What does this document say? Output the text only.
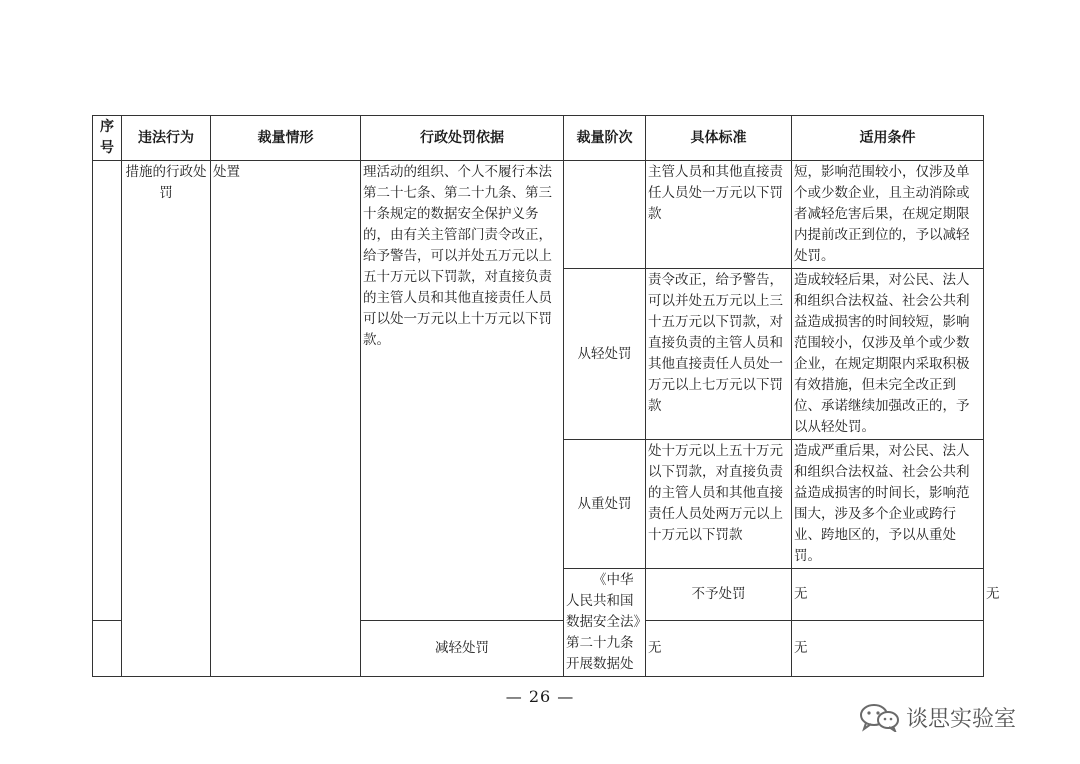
序号	违法行为	裁量情形	行政处罚依据	裁量阶次	具体标准	适用条件	
	措施的行政处罚	处置	理活动的组织、个人不履行本法第二十七条、第二十九条、第三十条规定的数据安全保护义务的，由有关主管部门责令改正，给予警告，可以并处五万元以上五十万元以下罚款，对直接负责的主管人员和其他直接责任人员可以处一万元以上十万元以下罚款。		主管人员和其他直接责任人员处一万元以下罚款	短，影响范围较小，仅涉及单个或少数企业，且主动消除或者减轻危害后果，在规定期限内提前改正到位的，予以减轻处罚。	
				从轻处罚	责令改正，给予警告，可以并处五万元以上三十五万元以下罚款，对直接负责的主管人员和其他直接责任人员处一万元以上七万元以下罚款	造成较轻后果，对公民、法人和组织合法权益、社会公共利益造成损害的时间较短，影响范围较小，仅涉及单个或少数企业，在规定期限内采取积极有效措施，但未完全改正到位、承诺继续加强改正的，予以从轻处罚。	
				从重处罚	处十万元以上五十万元以下罚款，对直接负责的主管人员和其他直接责任人员处两万元以上十万元以下罚款	造成严重后果，对公民、法人和组织合法权益、社会公共利益造成损害的时间长，影响范围大，涉及多个企业或跨行业、跨地区的，予以从重处罚。	
				《中华人民共和国数据安全法》第二十九条 开展数据处	不予处罚	无	无
			减轻处罚		无	无	
— 26 —
谈思实验室
